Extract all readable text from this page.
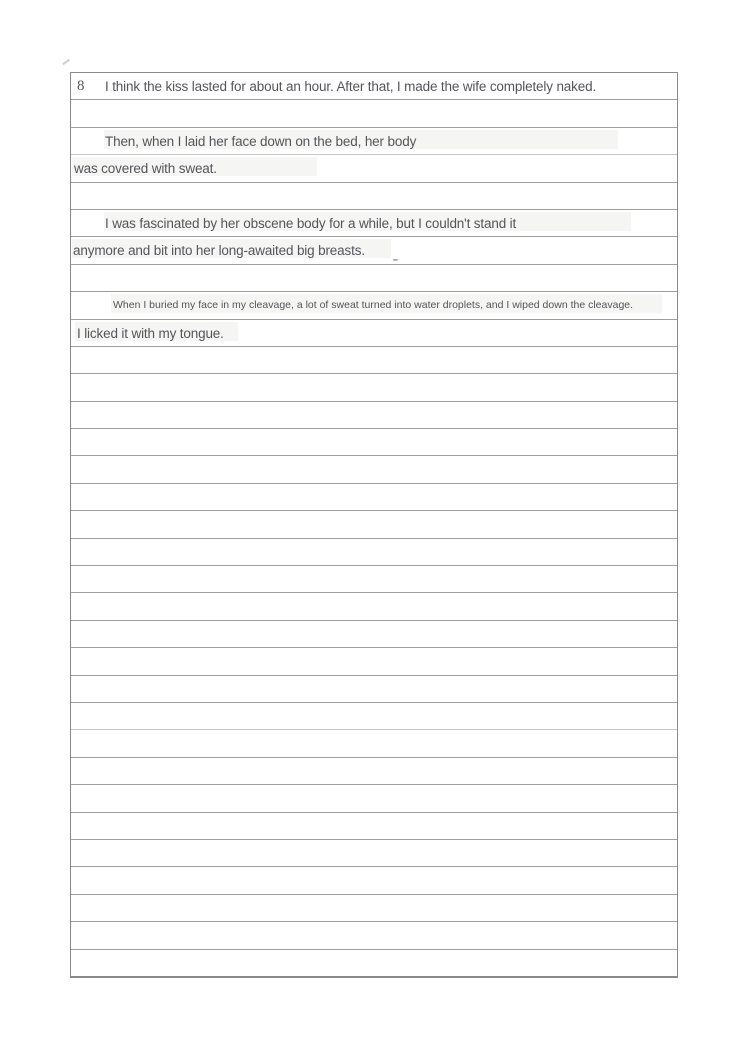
8 I think the kiss lasted for about an hour. After that, I made the wife completely naked.
Then, when I laid her face down on the bed, her body
was covered with sweat.
I was fascinated by her obscene body for a while, but I couldn't stand it
anymore and bit into her long-awaited big breasts.
When I buried my face in my cleavage, a lot of sweat turned into water droplets, and I wiped down the cleavage.
I licked it with my tongue.
